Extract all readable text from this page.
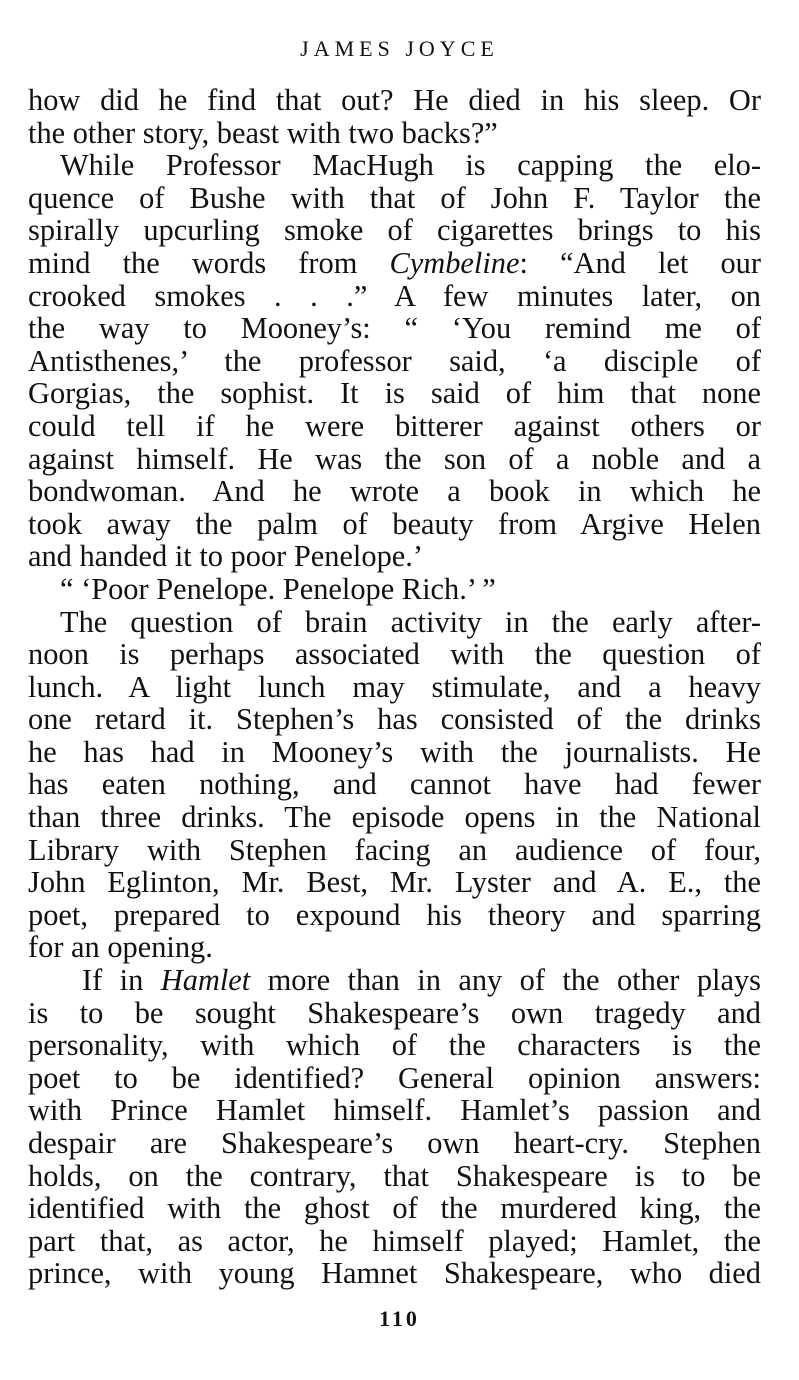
JAMES JOYCE
how did he find that out? He died in his sleep. Or
the other story, beast with two backs?”
While Professor MacHugh is capping the elo-
quence of Bushe with that of John F. Taylor the
spirally upcurling smoke of cigarettes brings to his
mind the words from Cymbeline: “And let our
crooked smokes . . .” A few minutes later, on
the way to Mooney’s: “ ‘You remind me of
Antisthenes,’ the professor said, ‘a disciple of
Gorgias, the sophist. It is said of him that none
could tell if he were bitterer against others or
against himself. He was the son of a noble and a
bondwoman. And he wrote a book in which he
took away the palm of beauty from Argive Helen
and handed it to poor Penelope.’
“ ‘Poor Penelope. Penelope Rich.’ ”
The question of brain activity in the early after-
noon is perhaps associated with the question of
lunch. A light lunch may stimulate, and a heavy
one retard it. Stephen’s has consisted of the drinks
he has had in Mooney’s with the journalists. He
has eaten nothing, and cannot have had fewer
than three drinks. The episode opens in the National
Library with Stephen facing an audience of four,
John Eglinton, Mr. Best, Mr. Lyster and A. E., the
poet, prepared to expound his theory and sparring
for an opening.
If in Hamlet more than in any of the other plays
is to be sought Shakespeare’s own tragedy and
personality, with which of the characters is the
poet to be identified? General opinion answers:
with Prince Hamlet himself. Hamlet’s passion and
despair are Shakespeare’s own heart-cry. Stephen
holds, on the contrary, that Shakespeare is to be
identified with the ghost of the murdered king, the
part that, as actor, he himself played; Hamlet, the
prince, with young Hamnet Shakespeare, who died
110
